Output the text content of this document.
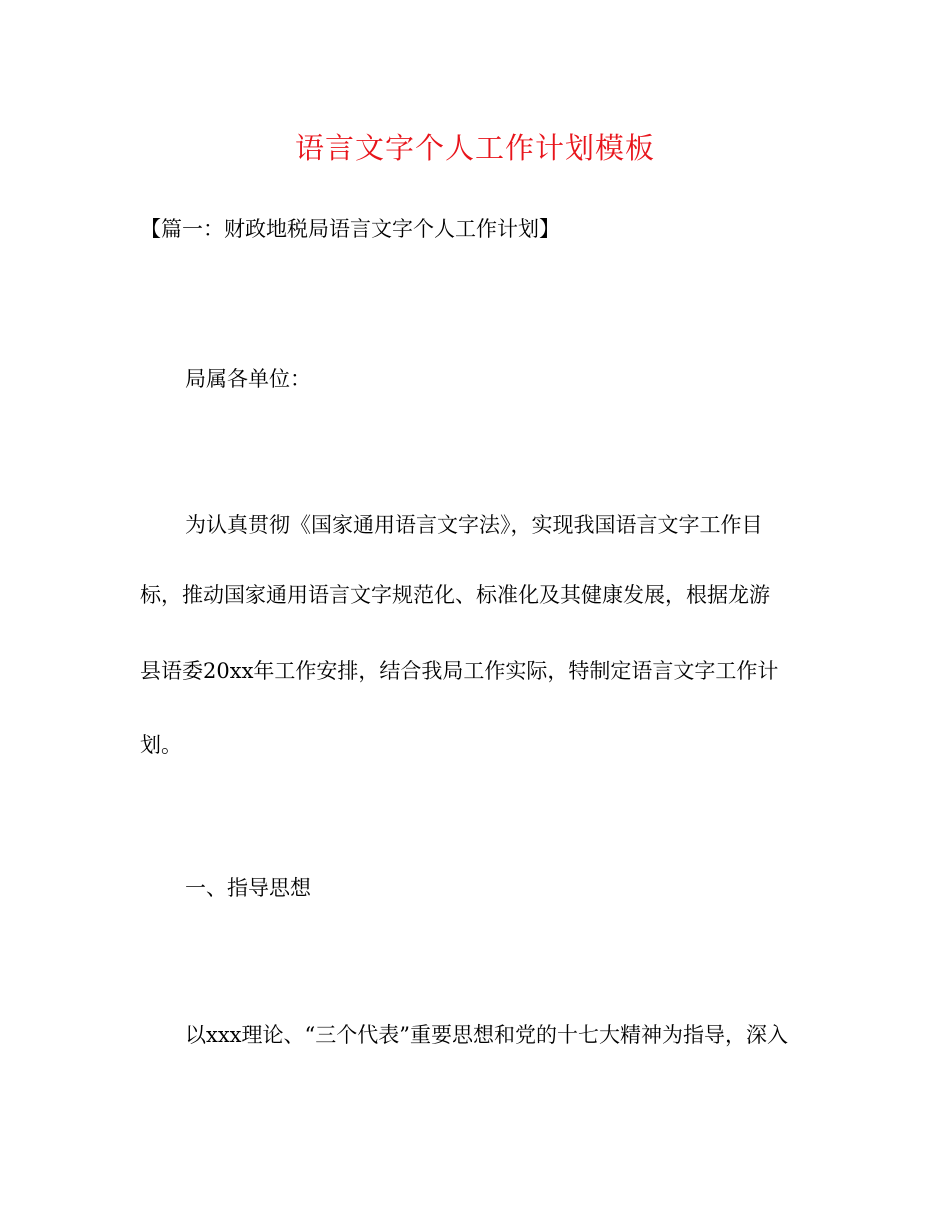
语言文字个人工作计划模板
【篇一：财政地税局语言文字个人工作计划】
局属各单位：
为认真贯彻《国家通用语言文字法》，实现我国语言文字工作目
标，推动国家通用语言文字规范化、标准化及其健康发展，根据龙游
县语委20xx年工作安排，结合我局工作实际，特制定语言文字工作计
划。
一、指导思想
以xxx理论、“三个代表”重要思想和党的十七大精神为指导，深入
